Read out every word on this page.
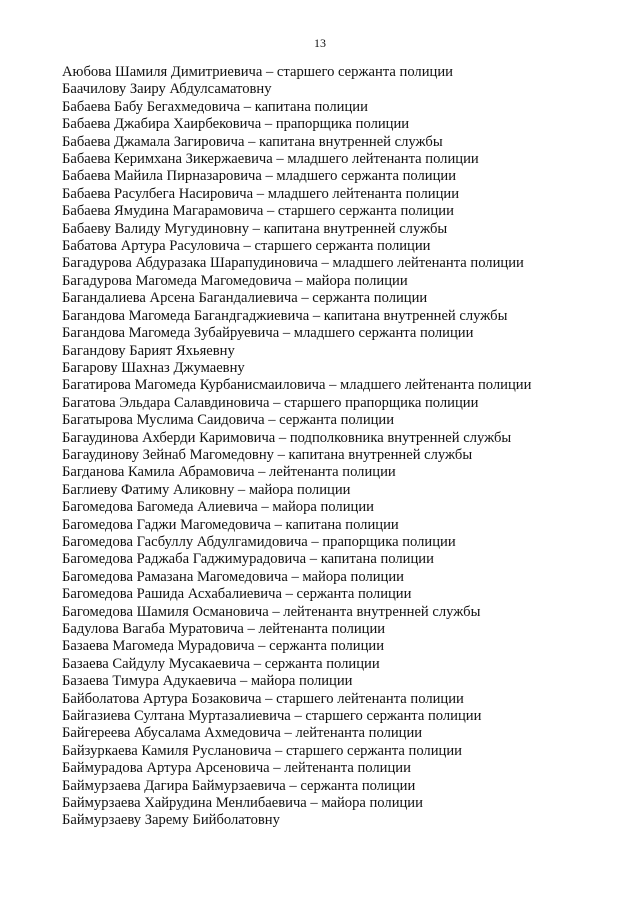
13
Аюбова Шамиля Димитриевича – старшего сержанта полиции
Баачилову Заиру Абдулсаматовну
Бабаева Бабу Бегахмедовича – капитана полиции
Бабаева Джабира Хаирбековича – прапорщика полиции
Бабаева Джамала Загировича – капитана внутренней службы
Бабаева Керимхана Зикержаевича – младшего лейтенанта полиции
Бабаева Майила Пирназаровича – младшего сержанта полиции
Бабаева Расулбега Насировича – младшего лейтенанта полиции
Бабаева Ямудина Магарамовича – старшего сержанта полиции
Бабаеву Валиду Мугудиновну – капитана внутренней службы
Бабатова Артура Расуловича – старшего сержанта полиции
Багадурова Абдуразака Шарапудиновича – младшего лейтенанта полиции
Багадурова Магомеда Магомедовича – майора полиции
Багандалиева Арсена Багандалиевича – сержанта полиции
Багандова Магомеда Багандгаджиевича – капитана внутренней службы
Багандова Магомеда Зубайруевича – младшего сержанта полиции
Багандову Барият Яхьяевну
Багарову Шахназ Джумаевну
Багатирова Магомеда Курбанисмаиловича – младшего лейтенанта полиции
Багатова Эльдара Салавдиновича – старшего прапорщика полиции
Багатырова Муслима Саидовича – сержанта полиции
Багаудинова Ахберди Каримовича – подполковника внутренней службы
Багаудинову Зейнаб Магомедовну – капитана внутренней службы
Багданова Камила Абрамовича – лейтенанта полиции
Баглиеву Фатиму Аликовну – майора полиции
Багомедова Багомеда Алиевича – майора полиции
Багомедова Гаджи Магомедовича – капитана полиции
Багомедова Гасбуллу Абдулгамидовича – прапорщика полиции
Багомедова Раджаба Гаджимурадовича – капитана полиции
Багомедова Рамазана Магомедовича – майора полиции
Багомедова Рашида Асхабалиевича – сержанта полиции
Багомедова Шамиля Османовича – лейтенанта внутренней службы
Бадулова Вагаба Муратовича – лейтенанта полиции
Базаева Магомеда Мурадовича – сержанта полиции
Базаева Сайдулу Мусакаевича – сержанта полиции
Базаева Тимура Адукаевича – майора полиции
Байболатова Артура Бозаковича – старшего лейтенанта полиции
Байгазиева Султана Муртазалиевича – старшего сержанта полиции
Байгереева Абусалама Ахмедовича – лейтенанта полиции
Байзуркаева Камиля Руслановича – старшего сержанта полиции
Баймурадова Артура Арсеновича – лейтенанта полиции
Баймурзаева Дагира Баймурзаевича – сержанта полиции
Баймурзаева Хайрудина Менлибаевича – майора полиции
Баймурзаеву Зарему Бийболатовну
